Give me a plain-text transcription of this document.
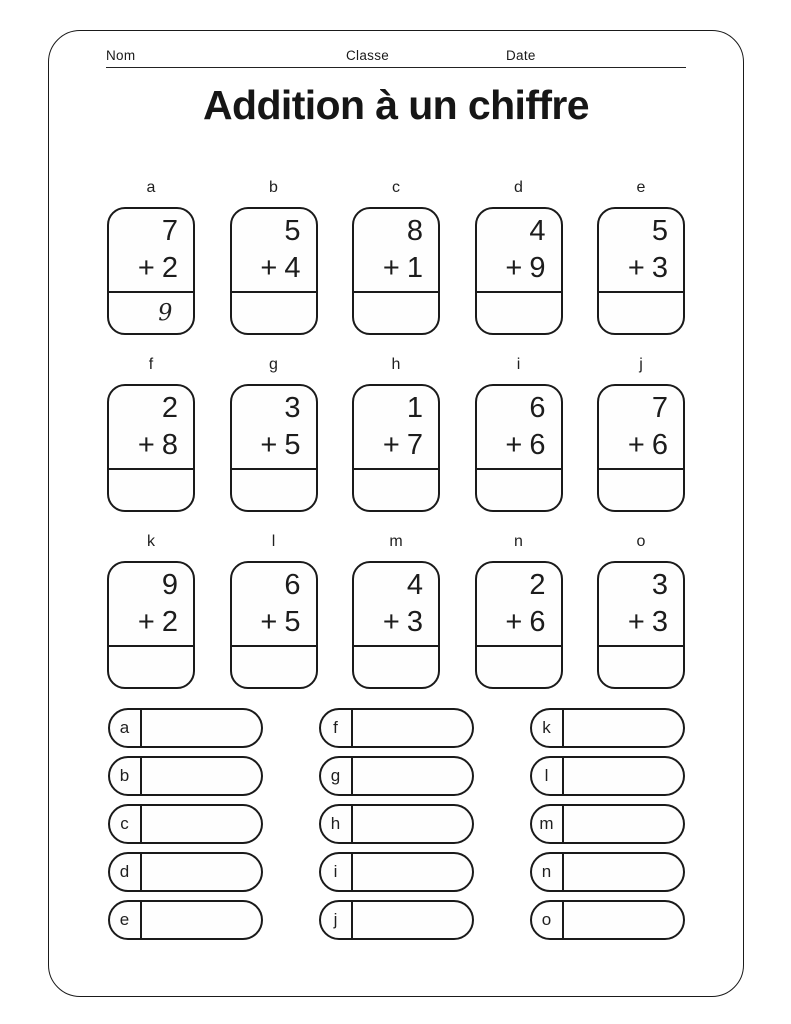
Nom	Classe	Date
Addition à un chiffre
a
7
+ 2
9
b
5
+ 4
c
8
+ 1
d
4
+ 9
e
5
+ 3
f
2
+ 8
g
3
+ 5
h
1
+ 7
i
6
+ 6
j
7
+ 6
k
9
+ 2
l
6
+ 5
m
4
+ 3
n
2
+ 6
o
3
+ 3
a
b
c
d
e
f
g
h
i
j
k
l
m
n
o
